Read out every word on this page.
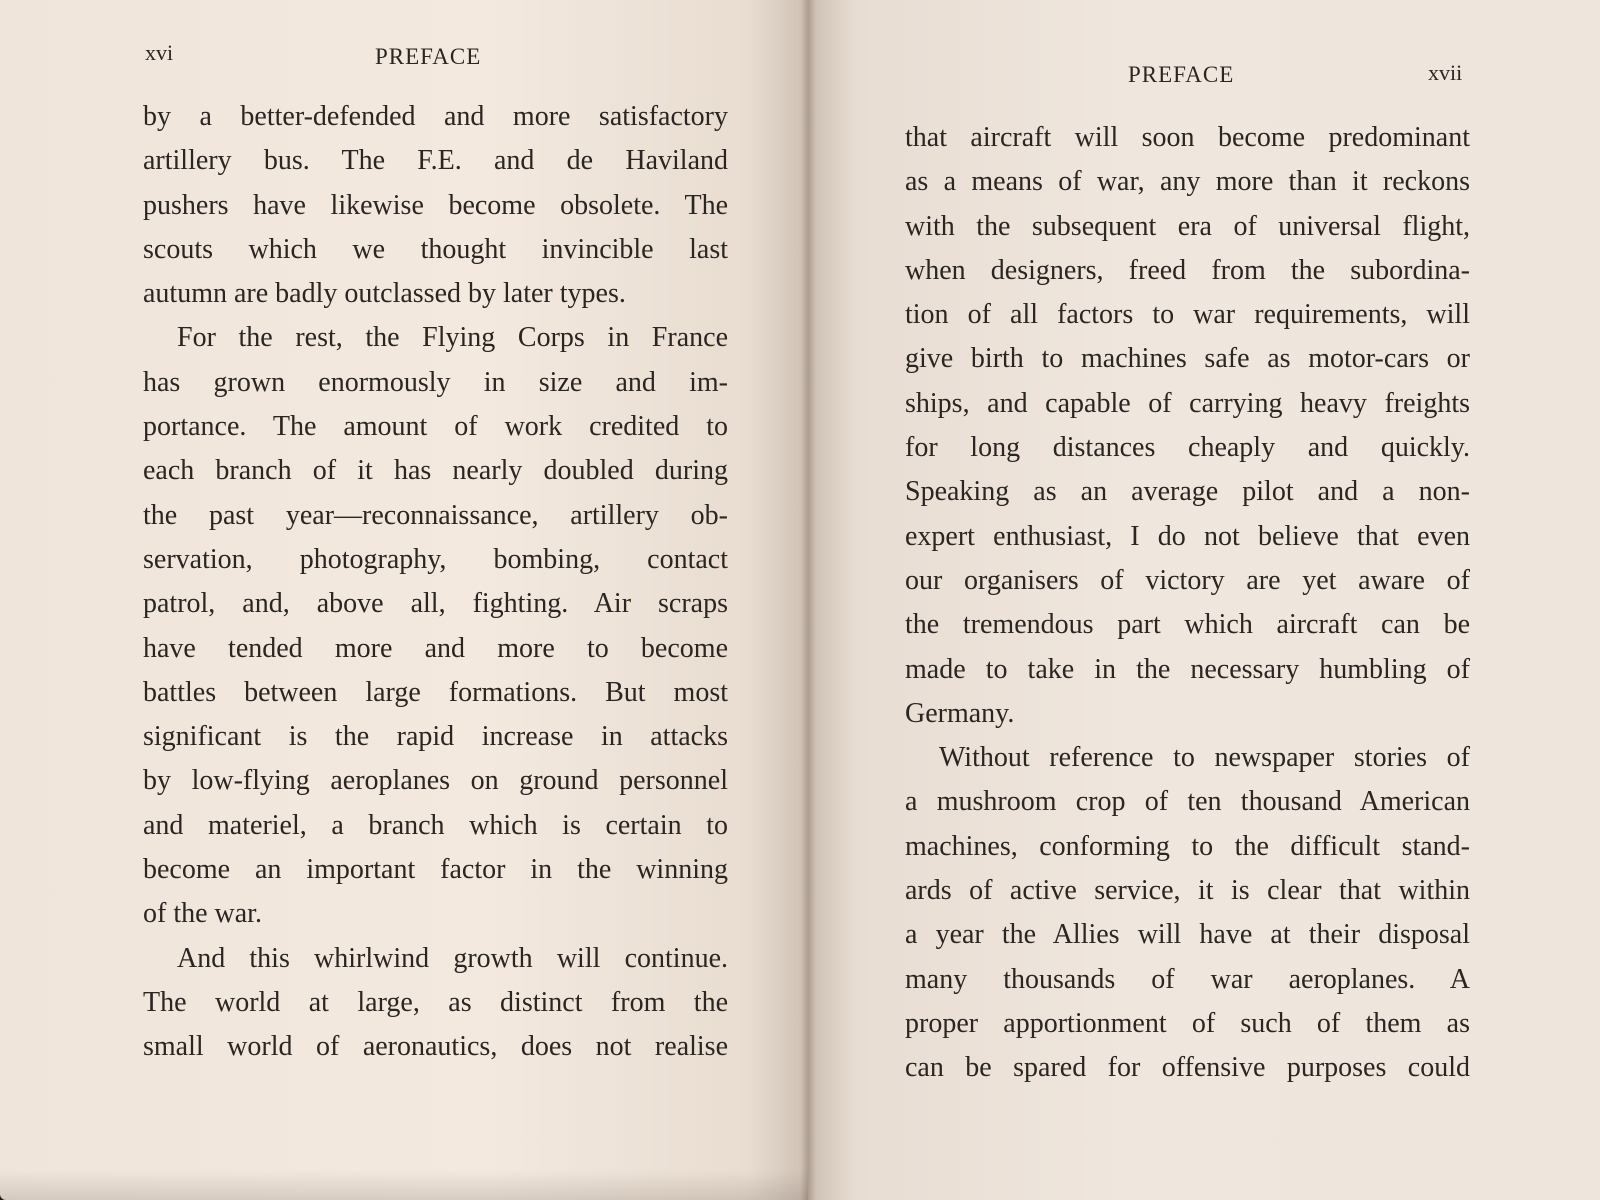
xvi	PREFACE
by a better-defended and more satisfactory
artillery bus. The F.E. and de Haviland
pushers have likewise become obsolete. The
scouts which we thought invincible last
autumn are badly outclassed by later types.
For the rest, the Flying Corps in France
has grown enormously in size and im-
portance. The amount of work credited to
each branch of it has nearly doubled during
the past year—reconnaissance, artillery ob-
servation, photography, bombing, contact
patrol, and, above all, fighting. Air scraps
have tended more and more to become
battles between large formations. But most
significant is the rapid increase in attacks
by low-flying aeroplanes on ground personnel
and materiel, a branch which is certain to
become an important factor in the winning
of the war.
And this whirlwind growth will continue.
The world at large, as distinct from the
small world of aeronautics, does not realise
PREFACE	xvii
that aircraft will soon become predominant
as a means of war, any more than it reckons
with the subsequent era of universal flight,
when designers, freed from the subordina-
tion of all factors to war requirements, will
give birth to machines safe as motor-cars or
ships, and capable of carrying heavy freights
for long distances cheaply and quickly.
Speaking as an average pilot and a non-
expert enthusiast, I do not believe that even
our organisers of victory are yet aware of
the tremendous part which aircraft can be
made to take in the necessary humbling of
Germany.
Without reference to newspaper stories of
a mushroom crop of ten thousand American
machines, conforming to the difficult stand-
ards of active service, it is clear that within
a year the Allies will have at their disposal
many thousands of war aeroplanes. A
proper apportionment of such of them as
can be spared for offensive purposes could
